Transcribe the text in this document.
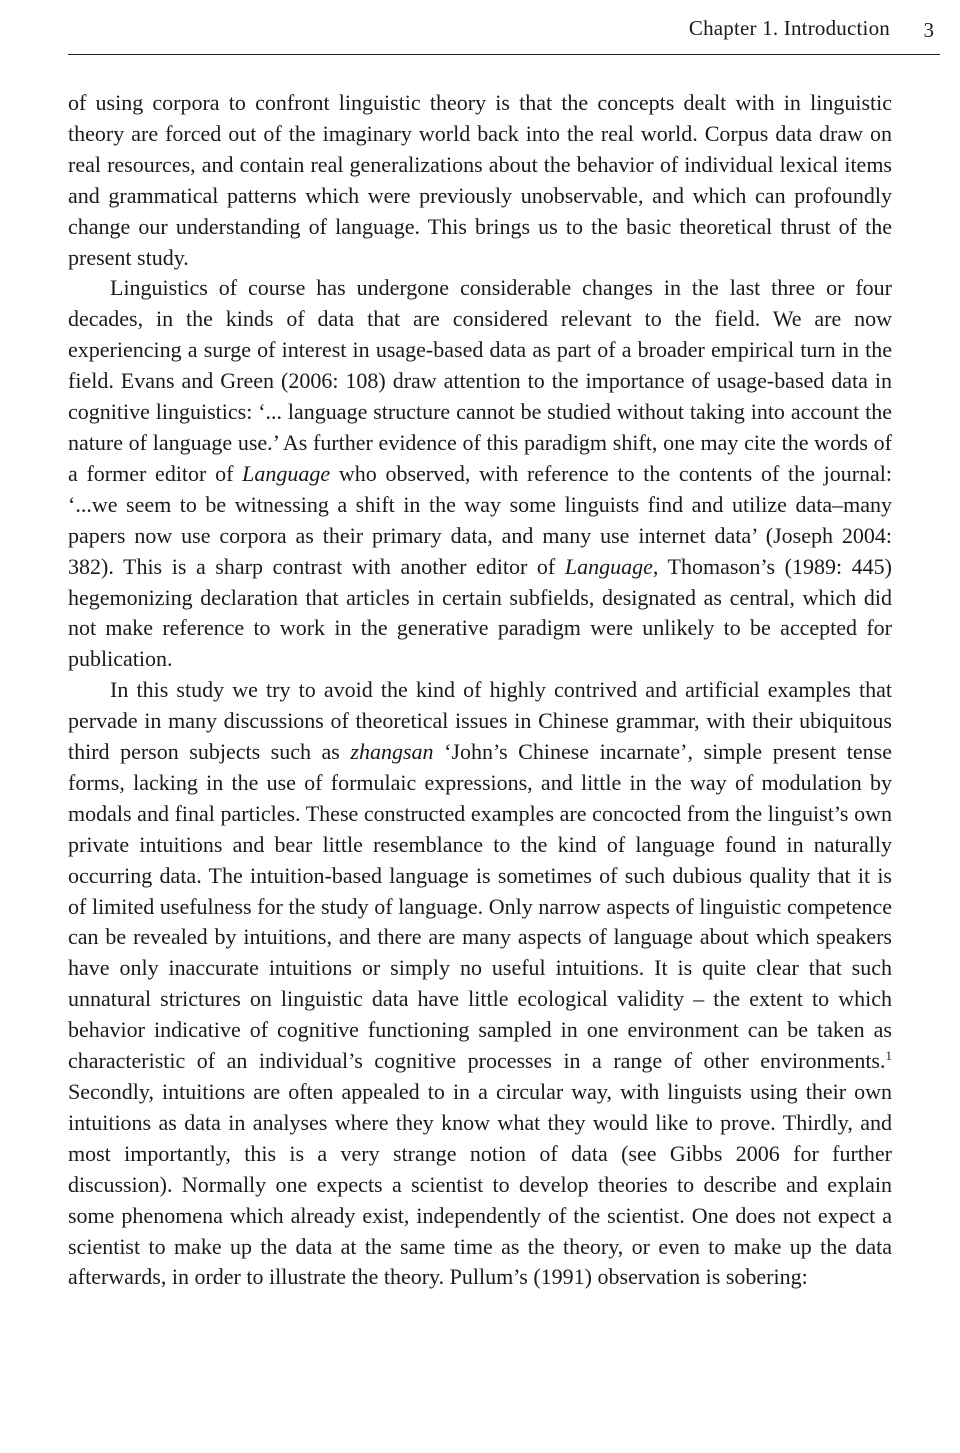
Chapter 1. Introduction 3

of using corpora to confront linguistic theory is that the concepts dealt with in linguistic theory are forced out of the imaginary world back into the real world. Corpus data draw on real resources, and contain real generalizations about the behavior of individual lexical items and grammatical patterns which were previously unobservable, and which can profoundly change our understanding of language. This brings us to the basic theoretical thrust of the present study.

Linguistics of course has undergone considerable changes in the last three or four decades, in the kinds of data that are considered relevant to the field. We are now experiencing a surge of interest in usage-based data as part of a broader empirical turn in the field. Evans and Green (2006: 108) draw attention to the importance of usage-based data in cognitive linguistics: ‘... language structure cannot be studied without taking into account the nature of language use.’ As further evidence of this paradigm shift, one may cite the words of a former editor of Language who observed, with reference to the contents of the journal: ‘...we seem to be witnessing a shift in the way some linguists find and utilize data–many papers now use corpora as their primary data, and many use internet data’ (Joseph 2004: 382). This is a sharp contrast with another editor of Language, Thomason’s (1989: 445) hegemonizing declaration that articles in certain subfields, designated as central, which did not make reference to work in the generative paradigm were unlikely to be accepted for publication.

In this study we try to avoid the kind of highly contrived and artificial examples that pervade in many discussions of theoretical issues in Chinese grammar, with their ubiquitous third person subjects such as zhangsan ‘John’s Chinese incarnate’, simple present tense forms, lacking in the use of formulaic expressions, and little in the way of modulation by modals and final particles. These constructed examples are concocted from the linguist’s own private intuitions and bear little resemblance to the kind of language found in naturally occurring data. The intuition-based language is sometimes of such dubious quality that it is of limited usefulness for the study of language. Only narrow aspects of linguistic competence can be revealed by intuitions, and there are many aspects of language about which speakers have only inaccurate intuitions or simply no useful intuitions. It is quite clear that such unnatural strictures on linguistic data have little ecological validity – the extent to which behavior indicative of cognitive functioning sampled in one environment can be taken as characteristic of an individual’s cognitive processes in a range of other environments.$^1$ Secondly, intuitions are often appealed to in a circular way, with linguists using their own intuitions as data in analyses where they know what they would like to prove. Thirdly, and most importantly, this is a very strange notion of data (see Gibbs 2006 for further discussion). Normally one expects a scientist to develop theories to describe and explain some phenomena which already exist, independently of the scientist. One does not expect a scientist to make up the data at the same time as the theory, or even to make up the data afterwards, in order to illustrate the theory. Pullum’s (1991) observation is sobering:
